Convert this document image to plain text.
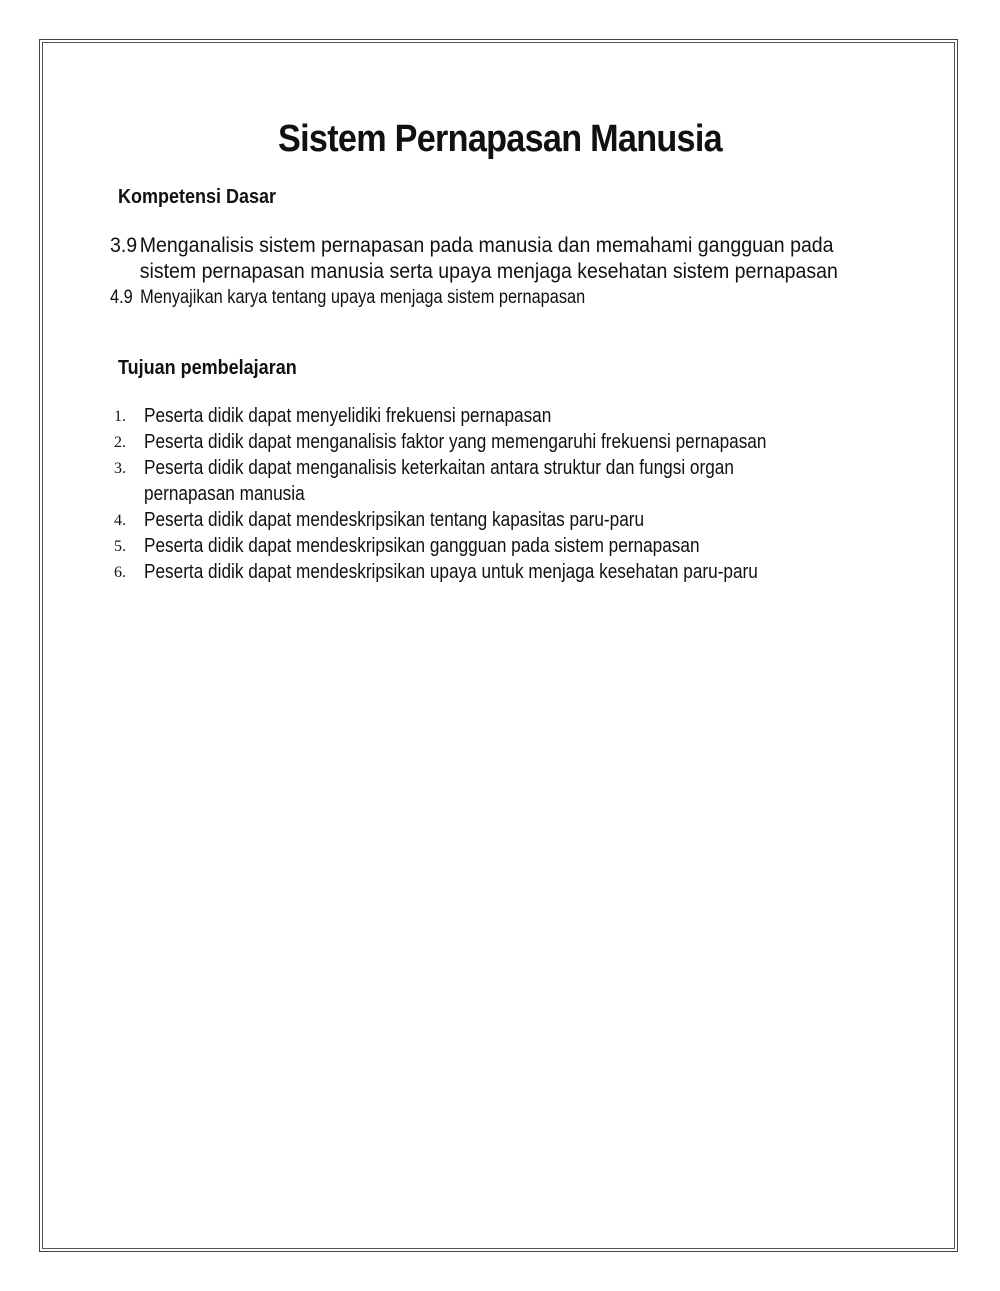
Sistem Pernapasan Manusia
Kompetensi Dasar
3.9 Menganalisis sistem pernapasan pada manusia dan memahami gangguan pada
sistem pernapasan manusia serta upaya menjaga kesehatan sistem pernapasan
4.9 Menyajikan karya tentang upaya menjaga sistem pernapasan
Tujuan pembelajaran
1. Peserta didik dapat menyelidiki frekuensi pernapasan
2. Peserta didik dapat menganalisis faktor yang memengaruhi frekuensi pernapasan
3. Peserta didik dapat menganalisis keterkaitan antara struktur dan fungsi organ
pernapasan manusia
4. Peserta didik dapat mendeskripsikan tentang kapasitas paru-paru
5. Peserta didik dapat mendeskripsikan gangguan pada sistem pernapasan
6. Peserta didik dapat mendeskripsikan upaya untuk menjaga kesehatan paru-paru
